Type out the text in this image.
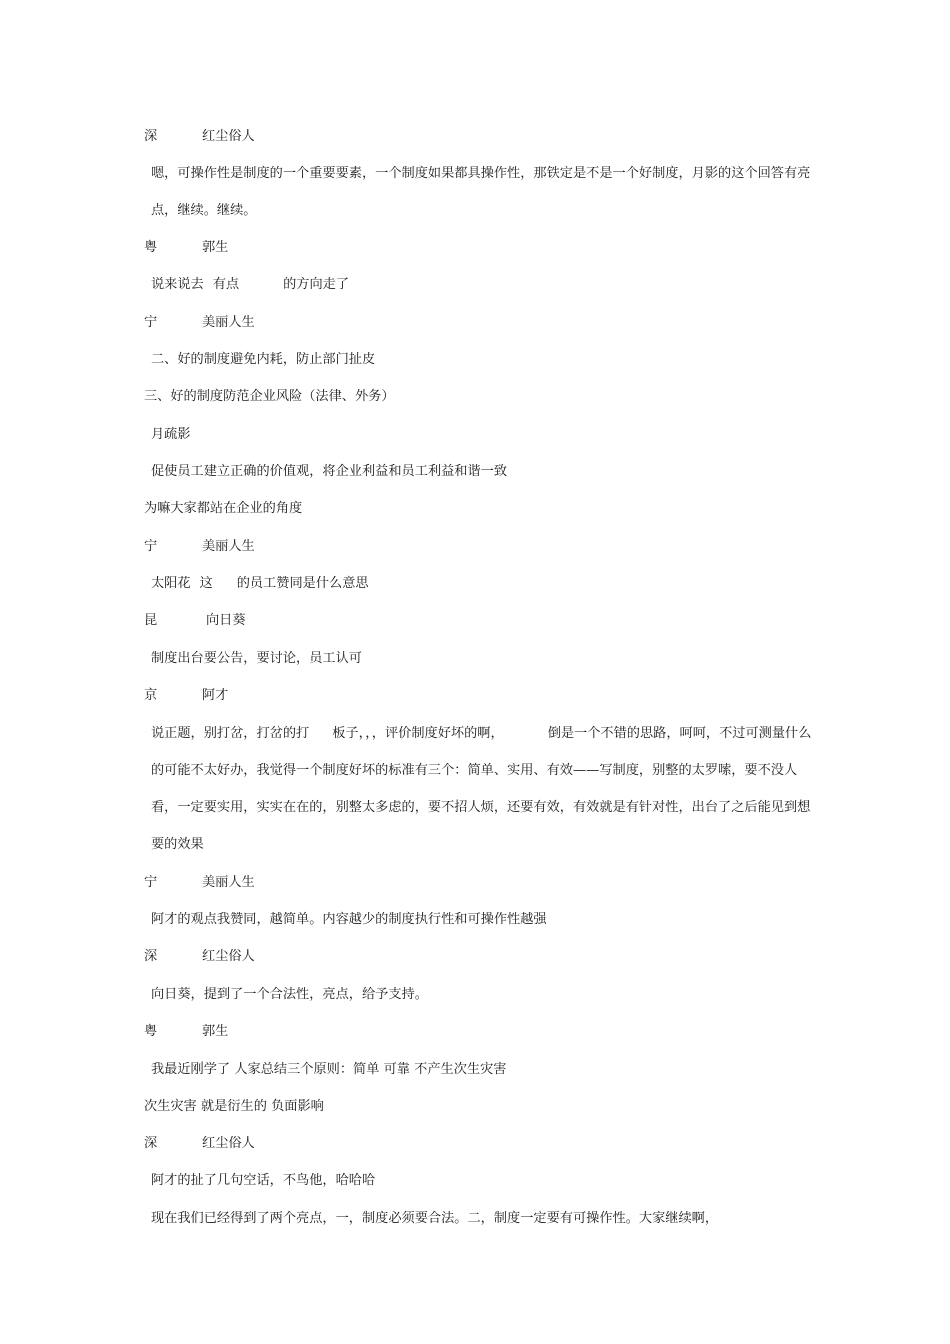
深	红尘俗人
嗯，可操作性是制度的一个重要要素，一个制度如果都具操作性，那铁定是不是一个好制度，月影的这个回答有亮点，继续。继续。
粤	郭生
说来说去 有点	的方向走了
宁	美丽人生
二、好的制度避免内耗，防止部门扯皮
三、好的制度防范企业风险（法律、外务）
月疏影
促使员工建立正确的价值观，将企业利益和员工利益和谐一致
为嘛大家都站在企业的角度
宁	美丽人生
太阳花 这 的员工赞同是什么意思
昆	向日葵
制度出台要公告，要讨论，员工认可
京	阿才
说正题，别打岔，打岔的打 板子，，，评价制度好坏的啊，	倒是一个不错的思路，呵呵，不过可测量什么的可能不太好办，我觉得一个制度好坏的标准有三个：简单、实用、有效——写制度，别整的太罗嗦，要不没人看，一定要实用，实实在在的，别整太多虑的，要不招人烦，还要有效，有效就是有针对性，出台了之后能见到想要的效果
宁	美丽人生
阿才的观点我赞同，越简单。内容越少的制度执行性和可操作性越强
深	红尘俗人
向日葵，提到了一个合法性，亮点，给予支持。
粤	郭生
我最近刚学了 人家总结三个原则：简单 可靠 不产生次生灾害
次生灾害 就是衍生的 负面影响
深	红尘俗人
阿才的扯了几句空话，不鸟他，哈哈哈
现在我们已经得到了两个亮点，一，制度必须要合法。二，制度一定要有可操作性。大家继续啊，
